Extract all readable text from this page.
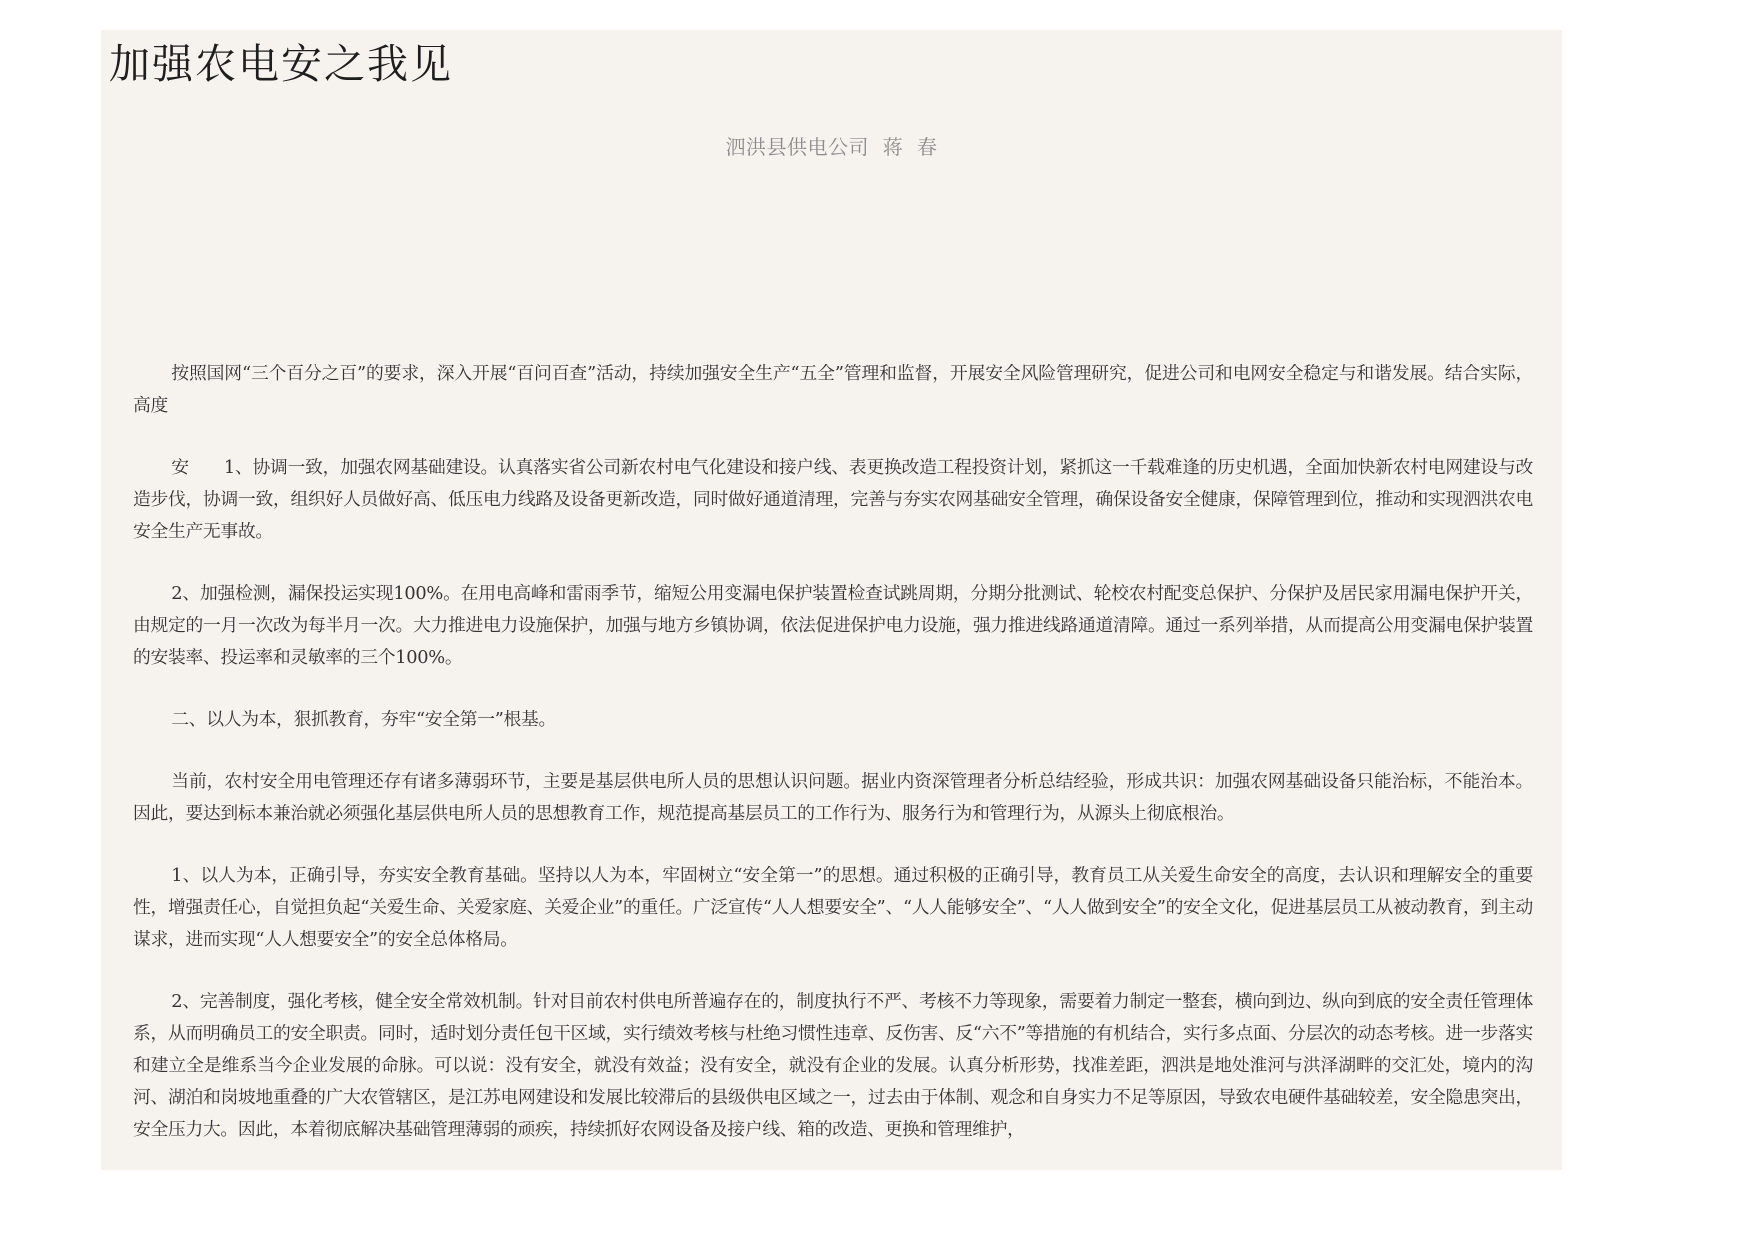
加强农电安之我见
泗洪县供电公司  蒋  春

按照国网“三个百分之百”的要求，深入开展“百问百查”活动，持续加强安全生产“五全”管理和监督，开展安全风险管理研究，促进公司和电网安全稳定与和谐发展。结合实际，高度

安　　1、协调一致，加强农网基础建设。认真落实省公司新农村电气化建设和接户线、表更换改造工程投资计划，紧抓这一千载难逢的历史机遇，全面加快新农村电网建设与改造步伐，协调一致，组织好人员做好高、低压电力线路及设备更新改造，同时做好通道清理，完善与夯实农网基础安全管理，确保设备安全健康，保障管理到位，推动和实现泗洪农电安全生产无事故。

2、加强检测，漏保投运实现100%。在用电高峰和雷雨季节，缩短公用变漏电保护装置检查试跳周期，分期分批测试、轮校农村配变总保护、分保护及居民家用漏电保护开关，由规定的一月一次改为每半月一次。大力推进电力设施保护，加强与地方乡镇协调，依法促进保护电力设施，强力推进线路通道清障。通过一系列举措，从而提高公用变漏电保护装置的安装率、投运率和灵敏率的三个100%。

二、以人为本，狠抓教育，夯牢“安全第一”根基。

当前，农村安全用电管理还存有诸多薄弱环节，主要是基层供电所人员的思想认识问题。据业内资深管理者分析总结经验，形成共识：加强农网基础设备只能治标，不能治本。因此，要达到标本兼治就必须强化基层供电所人员的思想教育工作，规范提高基层员工的工作行为、服务行为和管理行为，从源头上彻底根治。

1、以人为本，正确引导，夯实安全教育基础。坚持以人为本，牢固树立“安全第一”的思想。通过积极的正确引导，教育员工从关爱生命安全的高度，去认识和理解安全的重要性，增强责任心，自觉担负起“关爱生命、关爱家庭、关爱企业”的重任。广泛宣传“人人想要安全”、“人人能够安全”、“人人做到安全”的安全文化，促进基层员工从被动教育，到主动谋求，进而实现“人人想要安全”的安全总体格局。

2、完善制度，强化考核，健全安全常效机制。针对目前农村供电所普遍存在的，制度执行不严、考核不力等现象，需要着力制定一整套，横向到边、纵向到底的安全责任管理体系，从而明确员工的安全职责。同时，适时划分责任包干区域，实行绩效考核与杜绝习惯性违章、反伤害、反“六不”等措施的有机结合，实行多点面、分层次的动态考核。进一步落实和建立全是维系当今企业发展的命脉。可以说：没有安全，就没有效益；没有安全，就没有企业的发展。认真分析形势，找准差距，泗洪是地处淮河与洪泽湖畔的交汇处，境内的沟河、湖泊和岗坡地重叠的广大农管辖区，是江苏电网建设和发展比较滞后的县级供电区域之一，过去由于体制、观念和自身实力不足等原因，导致农电硬件基础较差，安全隐患突出，安全压力大。因此，本着彻底解决基础管理薄弱的顽疾，持续抓好农网设备及接户线、箱的改造、更换和管理维护，
